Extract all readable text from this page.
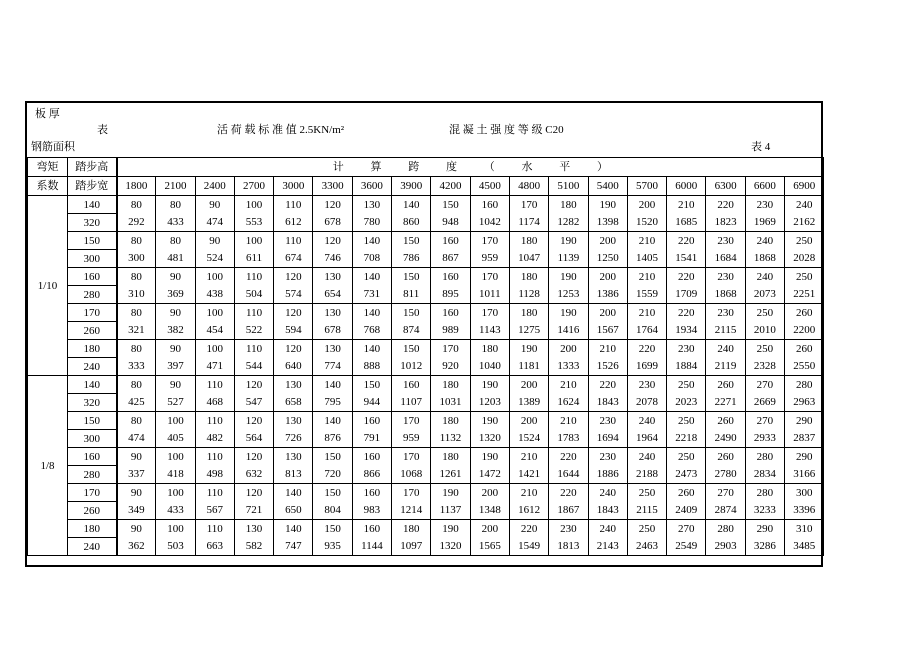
板 厚
表	活 荷 载 标 准 值 2.5KN/m²	混 凝 土 强 度 等 级 C20
钢筋面积	表 4
弯矩	踏步高	计 算 跨 度 （ 水 平 ）																	
系数	踏步宽	1800	2100	2400	2700	3000	3300	3600	3900	4200	4500	4800	5100	5400	5700	6000	6300	6600	6900
1/10	140	80	80	90	100	110	120	130	140	150	160	170	180	190	200	210	220	230	240
	320	292	433	474	553	612	678	780	860	948	1042	1174	1282	1398	1520	1685	1823	1969	2162
	150	80	80	90	100	110	120	140	150	160	170	180	190	200	210	220	230	240	250
	300	300	481	524	611	674	746	708	786	867	959	1047	1139	1250	1405	1541	1684	1868	2028
	160	80	90	100	110	120	130	140	150	160	170	180	190	200	210	220	230	240	250
	280	310	369	438	504	574	654	731	811	895	1011	1128	1253	1386	1559	1709	1868	2073	2251
	170	80	90	100	110	120	130	140	150	160	170	180	190	200	210	220	230	250	260
	260	321	382	454	522	594	678	768	874	989	1143	1275	1416	1567	1764	1934	2115	2010	2200
	180	80	90	100	110	120	130	140	150	170	180	190	200	210	220	230	240	250	260
	240	333	397	471	544	640	774	888	1012	920	1040	1181	1333	1526	1699	1884	2119	2328	2550
1/8	140	80	90	110	120	130	140	150	160	180	190	200	210	220	230	250	260	270	280
	320	425	527	468	547	658	795	944	1107	1031	1203	1389	1624	1843	2078	2023	2271	2669	2963
	150	80	100	110	120	130	140	160	170	180	190	200	210	230	240	250	260	270	290
	300	474	405	482	564	726	876	791	959	1132	1320	1524	1783	1694	1964	2218	2490	2933	2837
	160	90	100	110	120	130	150	160	170	180	190	210	220	230	240	250	260	280	290
	280	337	418	498	632	813	720	866	1068	1261	1472	1421	1644	1886	2188	2473	2780	2834	3166
	170	90	100	110	120	140	150	160	170	190	200	210	220	240	250	260	270	280	300
	260	349	433	567	721	650	804	983	1214	1137	1348	1612	1867	1843	2115	2409	2874	3233	3396
	180	90	100	110	130	140	150	160	180	190	200	220	230	240	250	270	280	290	310
	240	362	503	663	582	747	935	1144	1097	1320	1565	1549	1813	2143	2463	2549	2903	3286	3485
